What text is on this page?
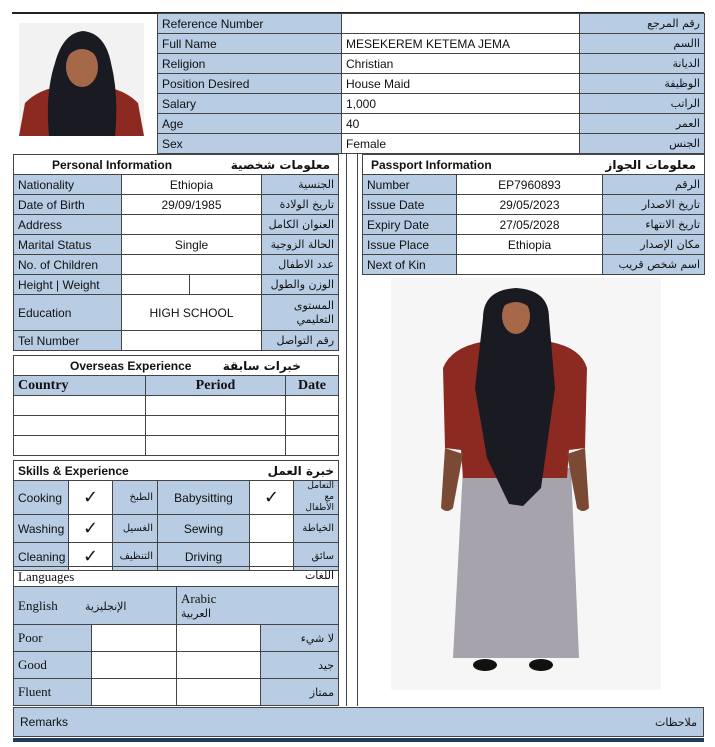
Reference Number		رقم المرجع
Full Name	MESEKEREM KETEMA JEMA	االسم
Religion	Christian	الديانة
Position Desired	House Maid	الوظيفة
Salary	1,000	الراتب
Age	40	العمر
Sex	Female	الجنس
Personal Information معلومات شخصية			

Nationality	Ethiopia		الجنسية
Date of Birth	29/09/1985		تاريخ الولادة
Address			العنوان الكامل
Marital Status	Single		الحالة الزوجية
No. of Children			عدد الاطفال
Height | Weight			الوزن والطول
Education	HIGH SCHOOL		المستوى التعليمي
Tel Number			رقم التواصل
Overseas Experience خبرات سابقة		
Country	Period	Date

Skills & Experience خبرة العمل					

Cooking	✓	الطبخ	Babysitting	✓	التعامل مع الأطفال
Washing	✓	الغسيل	Sewing		الخياطة
Cleaning	✓	التنظيف	Driving		سائق
Languages اللغات			

English الإنجليزية		Arabic
العربية	

Poor			لا شيء
Good			جيد
Fluent			ممتاز
Passport Information معلومات الجواز		

Number	EP7960893	الرقم
Issue Date	29/05/2023	تاريخ الاصدار
Expiry Date	27/05/2028	تاريخ الانتهاء
Issue Place	Ethiopia	مكان الإصدار
Next of Kin		اسم شخص قريب
Remarks	ملاحظات
